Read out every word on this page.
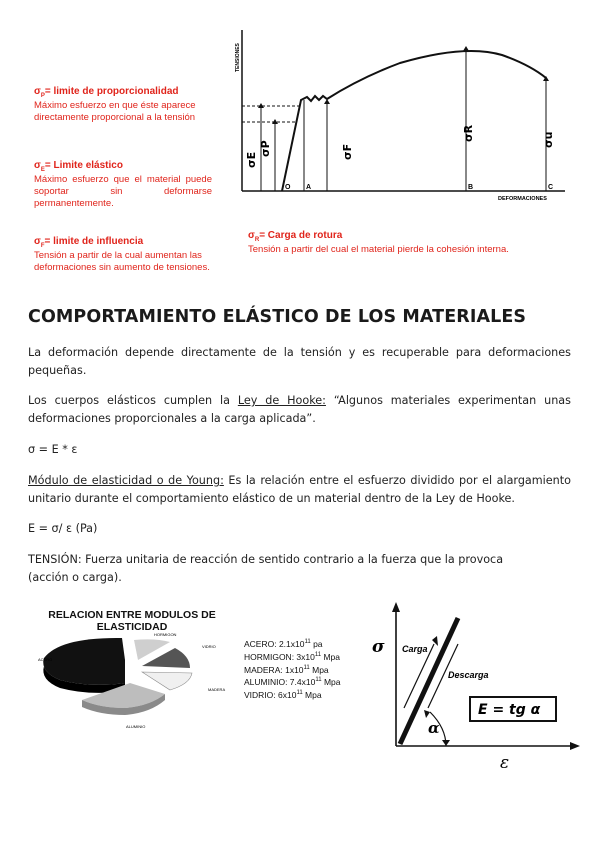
TENSIONES
DEFORMACIONES
σE
σP	σF
σR	σu
O A	B	C
$\sigma_P=$ limite de proporcionalidad
Máximo esfuerzo en que éste aparece directamente proporcional a la tensión
$\sigma_E=$ Limite elástico
Máximo esfuerzo que el material puede soportar sin deformarse permanentemente.
$\sigma_F=$ limite de influencia
Tensión a partir de la cual aumentan las deformaciones sin aumento de tensiones.
$\sigma_R=$ Carga de rotura
Tensión a partir del cual el material pierde la cohesión interna.
COMPORTAMIENTO ELÁSTICO DE LOS MATERIALES
La deformación depende directamente de la tensión y es recuperable para deformaciones pequeñas.
Los cuerpos elásticos cumplen la Ley de Hooke: “Algunos materiales experimentan unas deformaciones proporcionales a la carga aplicada”.
σ = E * ε
Módulo de elasticidad o de Young: Es la relación entre el esfuerzo dividido por el alargamiento unitario durante el comportamiento elástico de un material dentro de la Ley de Hooke.
E = σ/ ε (Pa)
TENSIÓN: Fuerza unitaria de reacción de sentido contrario a la fuerza que la provoca
(acción o carga).
RELACION ENTRE MODULOS DE
ELASTICIDAD
ACERO
MADERA
ALUMINIO
VIDRIO
HORMIGON
ACERO: $2.1x10^{11}$ pa
HORMIGON: $3x10^{11}$ Mpa
MADERA: $1x10^{11}$ Mpa
ALUMINIO: $7.4x10^{11}$ Mpa
VIDRIO: $6x10^{11}$ Mpa
σ
ε
Carga
Descarga
α
E = tg α
